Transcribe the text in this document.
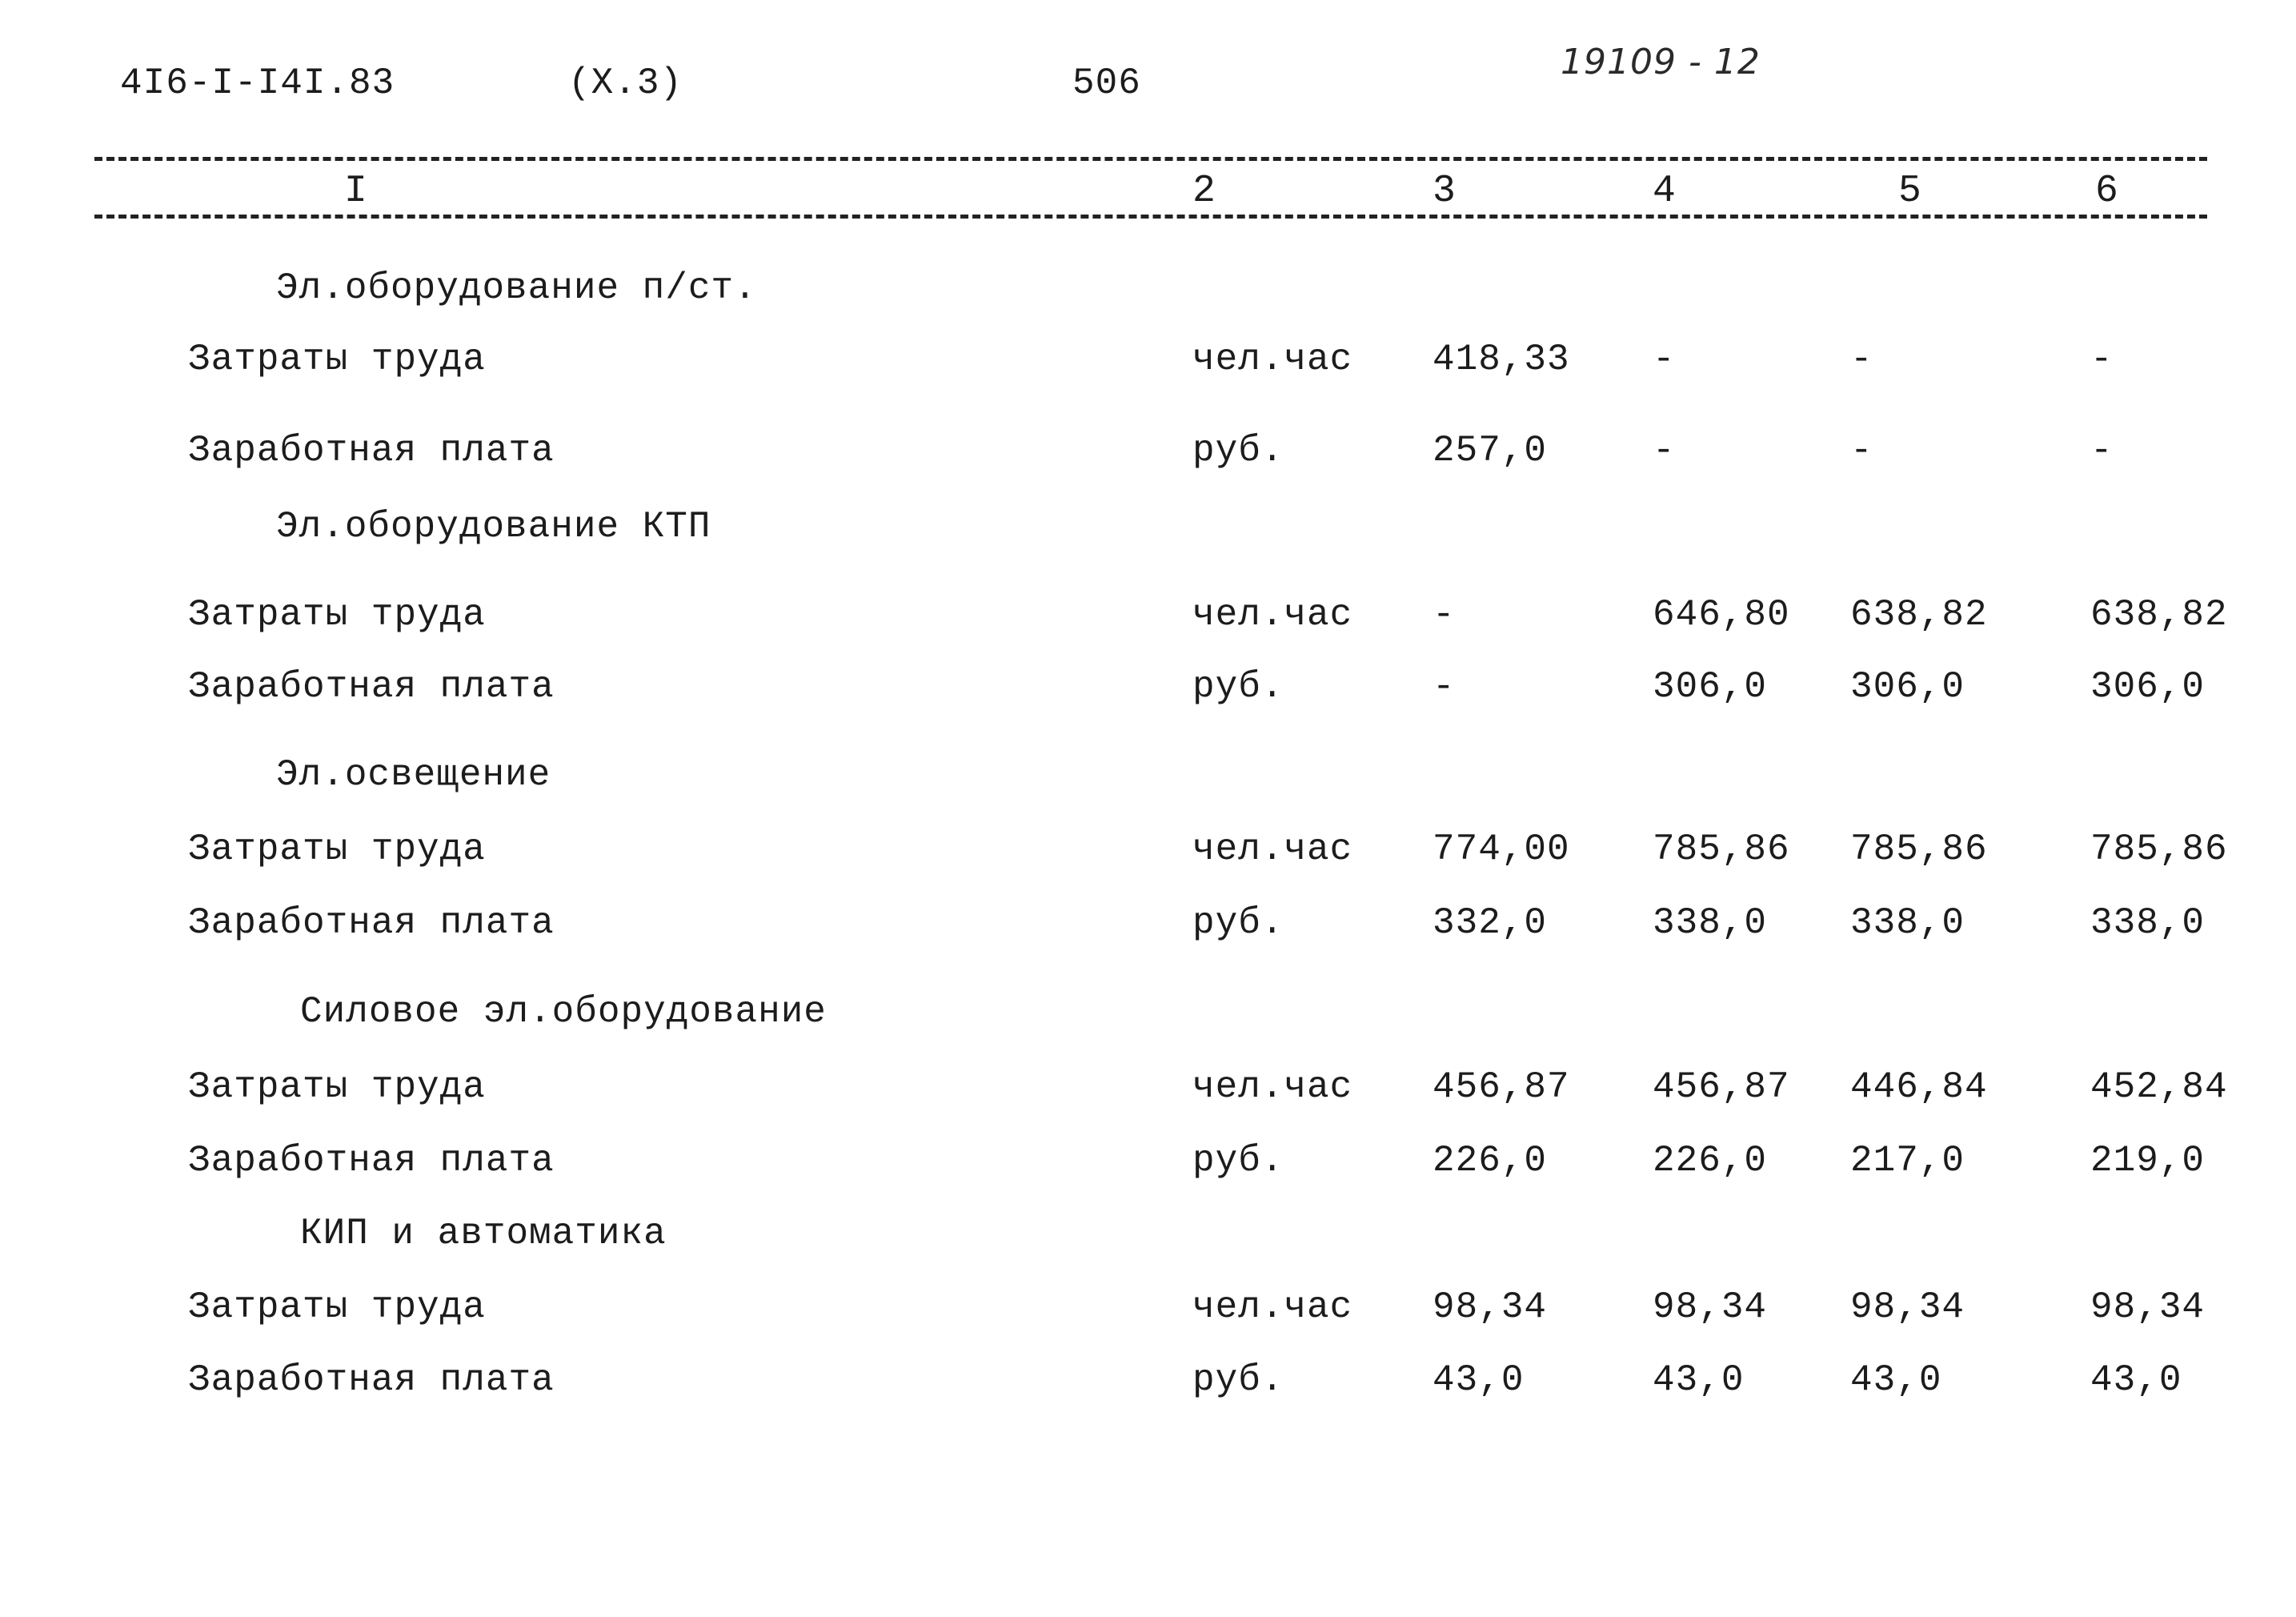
4I6-I-I4I.83	(X.3)	506
19109 - 12
I	2	3	4	5	6
Эл.оборудование п/ст.
Затраты труда	чел.час 418,33 -	-	-
Заработная плата	руб.	257,0	-	-	-
Эл.оборудование КТП
Затраты труда	чел.час -	646,80 638,82	638,82
Заработная плата	руб.	-	306,0 306,0	306,0
Эл.освещение
Затраты труда	чел.час 774,00 785,86 785,86	785,86
Заработная плата	руб.	332,0	338,0 338,0	338,0
Силовое эл.оборудование
Затраты труда	чел.час 456,87 456,87 446,84	452,84
Заработная плата	руб.	226,0	226,0 217,0	219,0
КИП и автоматика
Затраты труда	чел.час 98,34	98,34 98,34	98,34
Заработная плата	руб.	43,0	43,0	43,0	43,0
